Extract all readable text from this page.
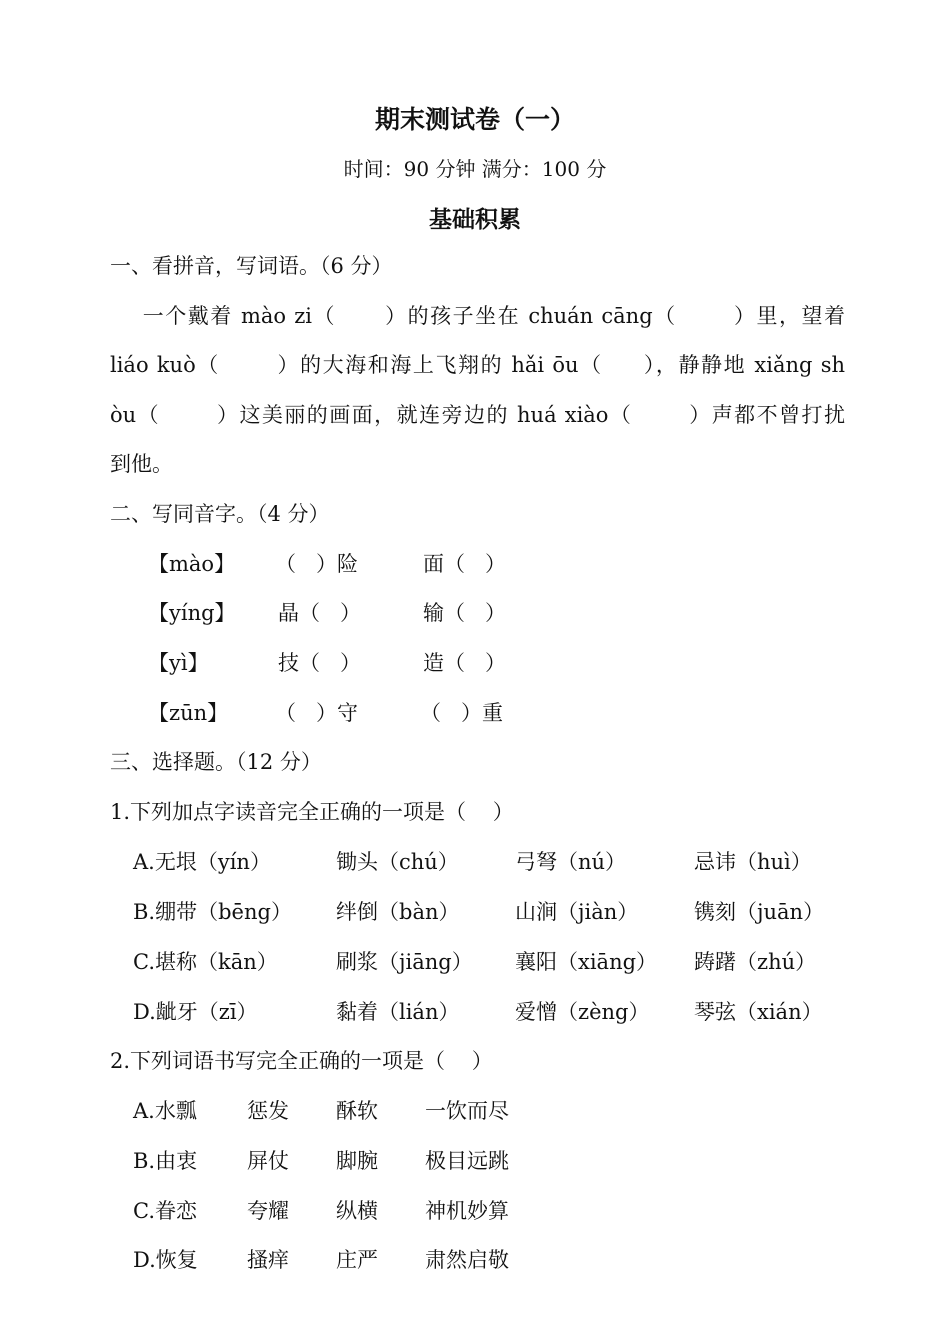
期末测试卷（一）
时间：90 分钟 满分：100 分
基础积累
一、看拼音，写词语。（6 分）
一个戴着 mào zi（      ）的孩子坐在 chuán cāng（       ）里，望着
liáo kuò（       ）的大海和海上飞翔的 hǎi ōu（     ），静静地 xiǎng sh
òu（       ）这美丽的画面，就连旁边的 huá xiào（       ）声都不曾打扰
到他。
二、写同音字。（4 分）
【mào】 （   ）险	面（   ）
【yíng】 晶（   ）	输（   ）
【yì】	技（   ）	造（   ）
【zūn】 （   ）守	（   ）重
三、选择题。（12 分）
1.下列加点字读音完全正确的一项是（    ）
A.无垠（yín）	锄头（chú）	弓弩（nú）	忌讳（huì）
B.绷带（bēng） 绊倒（bàn）	山涧（jiàn）	镌刻（juān）
C.堪称（kān）	刷浆（jiāng） 襄阳（xiāng） 踌躇（zhú）
D.龇牙（zī）	黏着（lián）	爱憎（zèng） 琴弦（xián）
2.下列词语书写完全正确的一项是（    ）
A.水瓢 惩发 酥软 一饮而尽
B.由衷 屏仗 脚腕 极目远跳
C.眷恋 夸耀 纵横 神机妙算
D.恢复 搔痒 庄严 肃然启敬
